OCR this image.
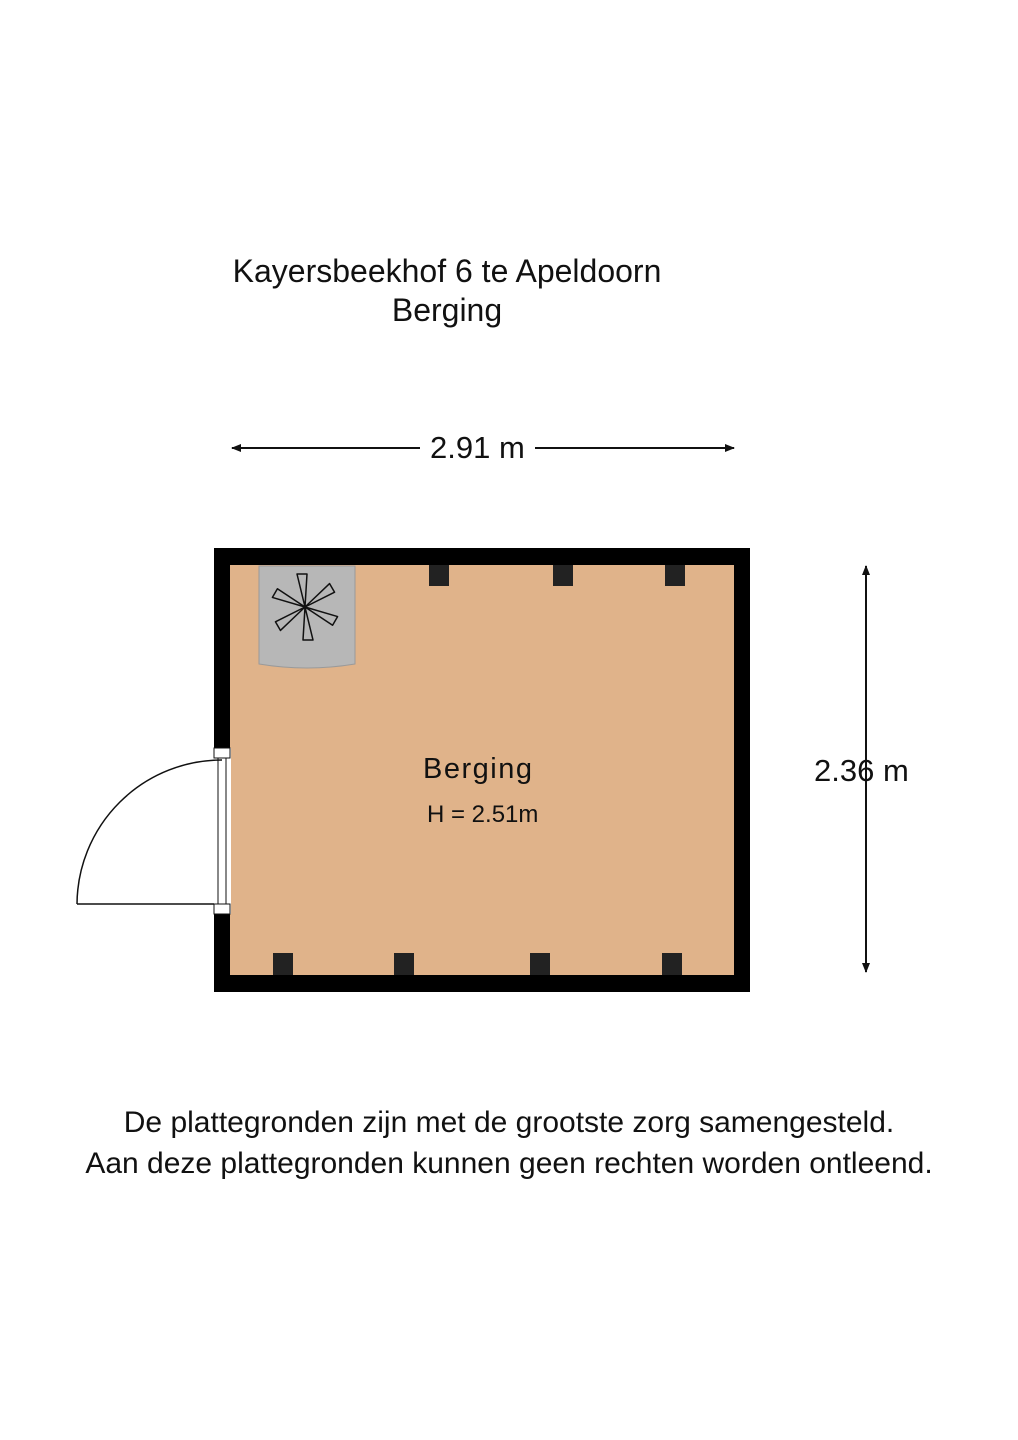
Kayersbeekhof 6 te Apeldoorn
Berging
2.91 m
2.36 m
Berging
H = 2.51m
De plattegronden zijn met de grootste zorg samengesteld.
Aan deze plattegronden kunnen geen rechten worden ontleend.
